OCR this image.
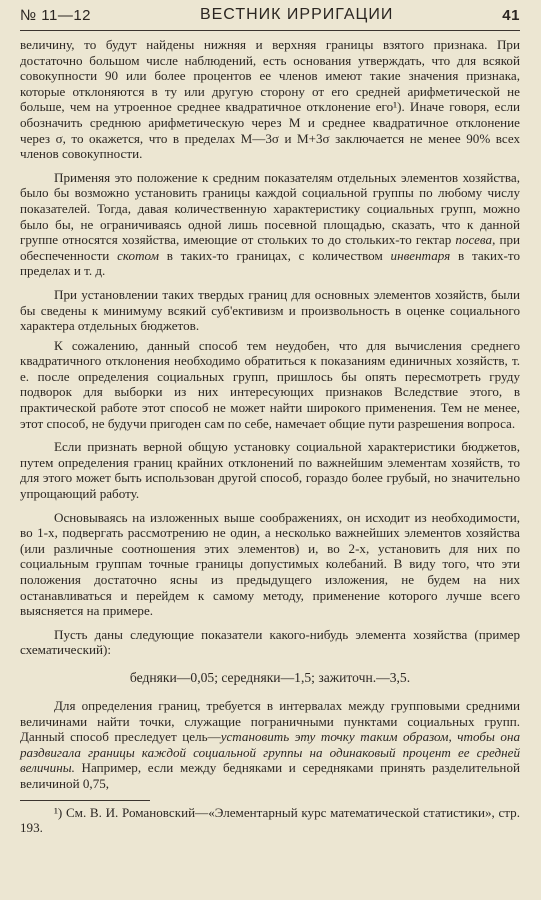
№ 11—12	ВЕСТНИК ИРРИГАЦИИ	41

величину, то будут найдены нижняя и верхняя границы взятого признака. При достаточно большом числе наблюдений, есть основания утверждать, что для всякой совокупности 90 или более процентов ее членов имеют такие значения признака, которые отклоняются в ту или другую сторону от его средней арифметической не больше, чем на утроенное среднее квадратичное отклонение его¹). Иначе говоря, если обозначить среднюю арифметическую через M и среднее квадратичное отклонение через σ, то окажется, что в пределах M—3σ и M+3σ заключается не менее 90% всех членов совокупности.

Применяя это положение к средним показателям отдельных элементов хозяйства, было бы возможно установить границы каждой социальной группы по любому числу показателей. Тогда, давая количественную характеристику социальных групп, можно было бы, не ограничиваясь одной лишь посевной площадью, сказать, что к данной группе относятся хозяйства, имеющие от стольких то до стольких-то гектар посева, при обеспеченности скотом в таких-то границах, с количеством инвентаря в таких-то пределах и т. д.

При установлении таких твердых границ для основных элементов хозяйств, были бы сведены к минимуму всякий суб'ективизм и произвольность в оценке социального характера отдельных бюджетов.

К сожалению, данный способ тем неудобен, что для вычисления среднего квадратичного отклонения необходимо обратиться к показаниям единичных хозяйств, т. е. после определения социальных групп, пришлось бы опять пересмотреть груду подворок для выборки из них интересующих признаков Вследствие этого, в практической работе этот способ не может найти широкого применения. Тем не менее, этот способ, не будучи пригоден сам по себе, намечает общие пути разрешения вопроса.

Если признать верной общую установку социальной характеристики бюджетов, путем определения границ крайних отклонений по важнейшим элементам хозяйств, то для этого может быть использован другой способ, гораздо более грубый, но значительно упрощающий работу.

Основываясь на изложенных выше соображениях, он исходит из необходимости, во 1-х, подвергать рассмотрению не один, а несколько важнейших элементов хозяйства (или различные соотношения этих элементов) и, во 2-х, установить для них по социальным группам точные границы допустимых колебаний. В виду того, что эти положения достаточно ясны из предыдущего изложения, не будем на них останавливаться и перейдем к самому методу, применение которого лучше всего выясняется на примере.

Пусть даны следующие показатели какого-нибудь элемента хозяйства (пример схематический):

бедняки—0,05; середняки—1,5; зажиточн.—3,5.

Для определения границ, требуется в интервалах между групповыми средними величинами найти точки, служащие пограничными пунктами социальных групп. Данный способ преследует цель—установить эту точку таким образом, чтобы она раздвигала границы каждой социальной группы на одинаковый процент ее средней величины. Например, если между бедняками и середняками принять разделительной величиной 0,75,

¹) См. В. И. Романовский—«Элементарный курс математической статистики», стр. 193.
